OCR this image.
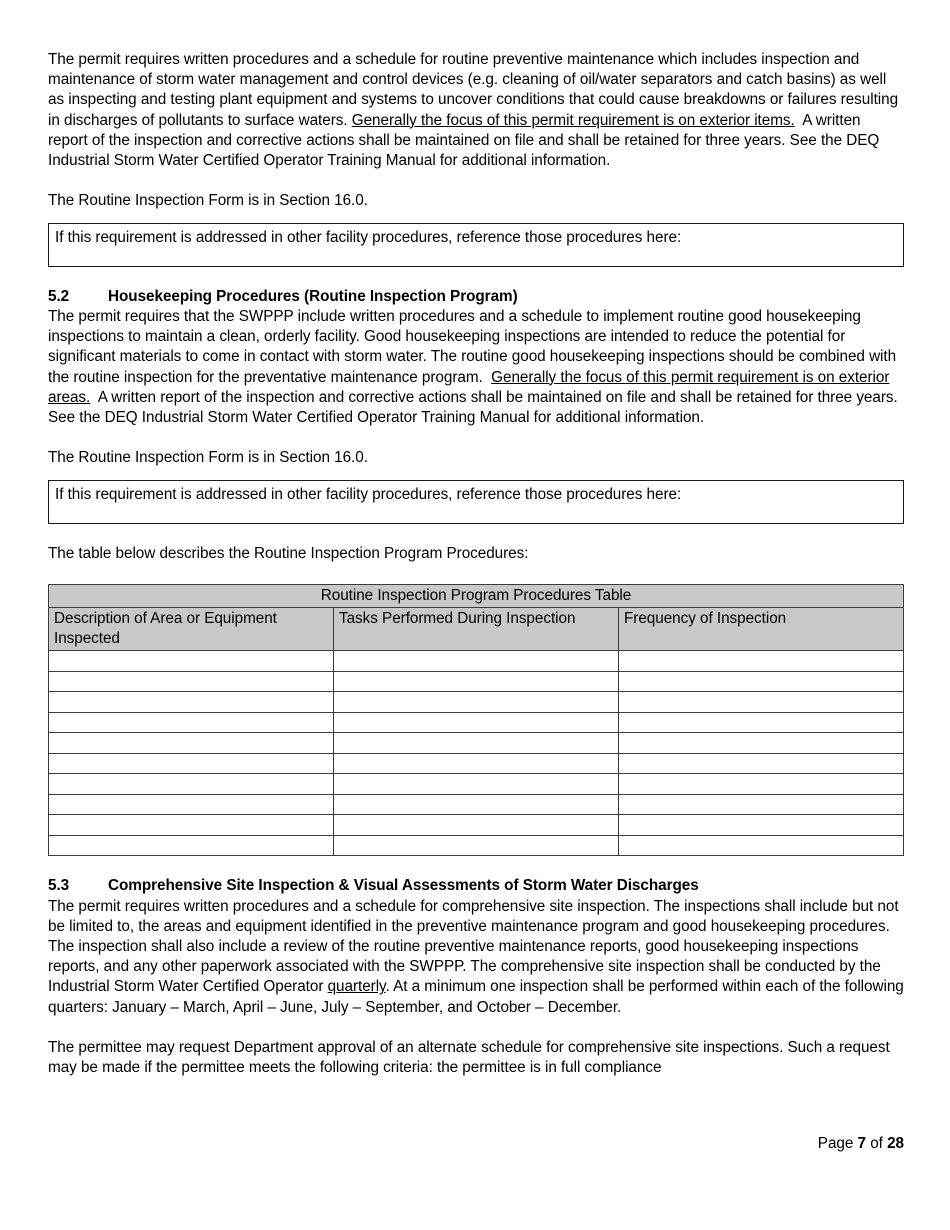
The permit requires written procedures and a schedule for routine preventive maintenance which includes inspection and maintenance of storm water management and control devices (e.g. cleaning of oil/water separators and catch basins) as well as inspecting and testing plant equipment and systems to uncover conditions that could cause breakdowns or failures resulting in discharges of pollutants to surface waters. Generally the focus of this permit requirement is on exterior items. A written report of the inspection and corrective actions shall be maintained on file and shall be retained for three years. See the DEQ Industrial Storm Water Certified Operator Training Manual for additional information.

The Routine Inspection Form is in Section 16.0.

If this requirement is addressed in other facility procedures, reference those procedures here:
5.2	Housekeeping Procedures (Routine Inspection Program)

The permit requires that the SWPPP include written procedures and a schedule to implement routine good housekeeping inspections to maintain a clean, orderly facility. Good housekeeping inspections are intended to reduce the potential for significant materials to come in contact with storm water. The routine good housekeeping inspections should be combined with the routine inspection for the preventative maintenance program. Generally the focus of this permit requirement is on exterior areas. A written report of the inspection and corrective actions shall be maintained on file and shall be retained for three years. See the DEQ Industrial Storm Water Certified Operator Training Manual for additional information.

The Routine Inspection Form is in Section 16.0.

If this requirement is addressed in other facility procedures, reference those procedures here:

The table below describes the Routine Inspection Program Procedures:

Routine Inspection Program Procedures Table		
Description of Area or Equipment Inspected	Tasks Performed During Inspection	Frequency of Inspection

5.3	Comprehensive Site Inspection & Visual Assessments of Storm Water Discharges

The permit requires written procedures and a schedule for comprehensive site inspection. The inspections shall include but not be limited to, the areas and equipment identified in the preventive maintenance program and good housekeeping procedures. The inspection shall also include a review of the routine preventive maintenance reports, good housekeeping inspections reports, and any other paperwork associated with the SWPPP. The comprehensive site inspection shall be conducted by the Industrial Storm Water Certified Operator quarterly. At a minimum one inspection shall be performed within each of the following quarters: January – March, April – June, July – September, and October – December.

The permittee may request Department approval of an alternate schedule for comprehensive site inspections. Such a request may be made if the permittee meets the following criteria: the permittee is in full compliance

Page 7 of 28
